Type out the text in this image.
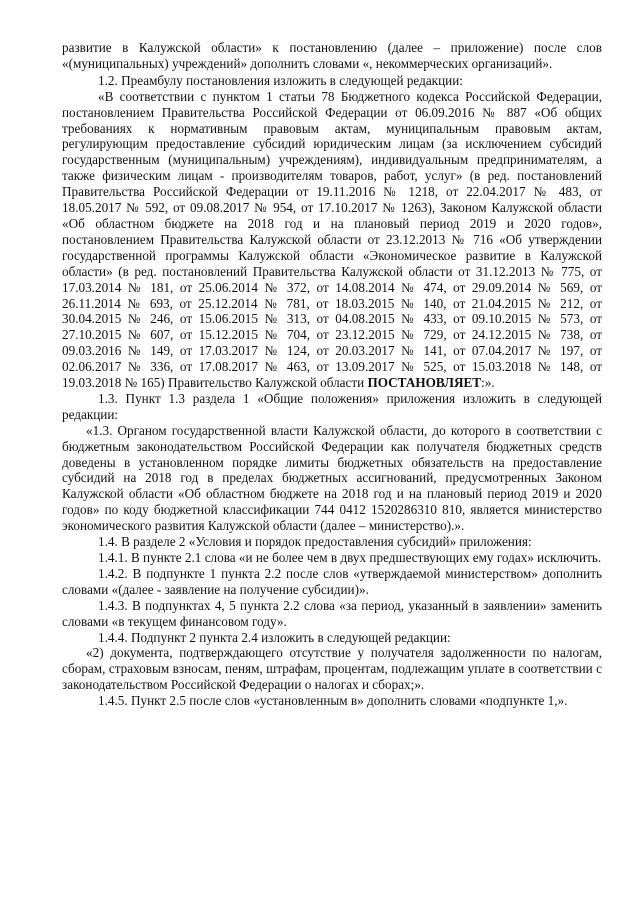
развитие в Калужской области» к постановлению (далее – приложение) после слов «(муниципальных) учреждений» дополнить словами «, некоммерческих организаций».

1.2. Преамбулу постановления изложить в следующей редакции:

«В соответствии с пунктом 1 статьи 78 Бюджетного кодекса Российской Федерации, постановлением Правительства Российской Федерации от 06.09.2016 № 887 «Об общих требованиях к нормативным правовым актам, муниципальным правовым актам, регулирующим предоставление субсидий юридическим лицам (за исключением субсидий государственным (муниципальным) учреждениям), индивидуальным предпринимателям, а также физическим лицам - производителям товаров, работ, услуг» (в ред. постановлений Правительства Российской Федерации от 19.11.2016 № 1218, от 22.04.2017 № 483, от 18.05.2017 № 592, от 09.08.2017 № 954, от 17.10.2017 № 1263), Законом Калужской области «Об областном бюджете на 2018 год и на плановый период 2019 и 2020 годов», постановлением Правительства Калужской области от 23.12.2013 № 716 «Об утверждении государственной программы Калужской области «Экономическое развитие в Калужской области» (в ред. постановлений Правительства Калужской области от 31.12.2013 № 775, от 17.03.2014 № 181, от 25.06.2014 № 372, от 14.08.2014 № 474, от 29.09.2014 № 569, от 26.11.2014 № 693, от 25.12.2014 № 781, от 18.03.2015 № 140, от 21.04.2015 № 212, от 30.04.2015 № 246, от 15.06.2015 № 313, от 04.08.2015 № 433, от 09.10.2015 № 573, от 27.10.2015 № 607, от 15.12.2015 № 704, от 23.12.2015 № 729, от 24.12.2015 № 738, от 09.03.2016 № 149, от 17.03.2017 № 124, от 20.03.2017 № 141, от 07.04.2017 № 197, от 02.06.2017 № 336, от 17.08.2017 № 463, от 13.09.2017 № 525, от 15.03.2018 № 148, от 19.03.2018 № 165) Правительство Калужской области ПОСТАНОВЛЯЕТ:».

1.3. Пункт 1.3 раздела 1 «Общие положения» приложения изложить в следующей редакции:

«1.3. Органом государственной власти Калужской области, до которого в соответствии с бюджетным законодательством Российской Федерации как получателя бюджетных средств доведены в установленном порядке лимиты бюджетных обязательств на предоставление субсидий на 2018 год в пределах бюджетных ассигнований, предусмотренных Законом Калужской области «Об областном бюджете на 2018 год и на плановый период 2019 и 2020 годов» по коду бюджетной классификации 744 0412 1520286310 810, является министерство экономического развития Калужской области (далее – министерство).».

1.4. В разделе 2 «Условия и порядок предоставления субсидий» приложения:

1.4.1. В пункте 2.1 слова «и не более чем в двух предшествующих ему годах» исключить.

1.4.2. В подпункте 1 пункта 2.2 после слов «утверждаемой министерством» дополнить словами «(далее - заявление на получение субсидии)».

1.4.3. В подпунктах 4, 5 пункта 2.2 слова «за период, указанный в заявлении» заменить словами «в текущем финансовом году».

1.4.4. Подпункт 2 пункта 2.4 изложить в следующей редакции:

«2) документа, подтверждающего отсутствие у получателя задолженности по налогам, сборам, страховым взносам, пеням, штрафам, процентам, подлежащим уплате в соответствии с законодательством Российской Федерации о налогах и сборах;».

1.4.5. Пункт 2.5 после слов «установленным в» дополнить словами «подпункте 1,».
